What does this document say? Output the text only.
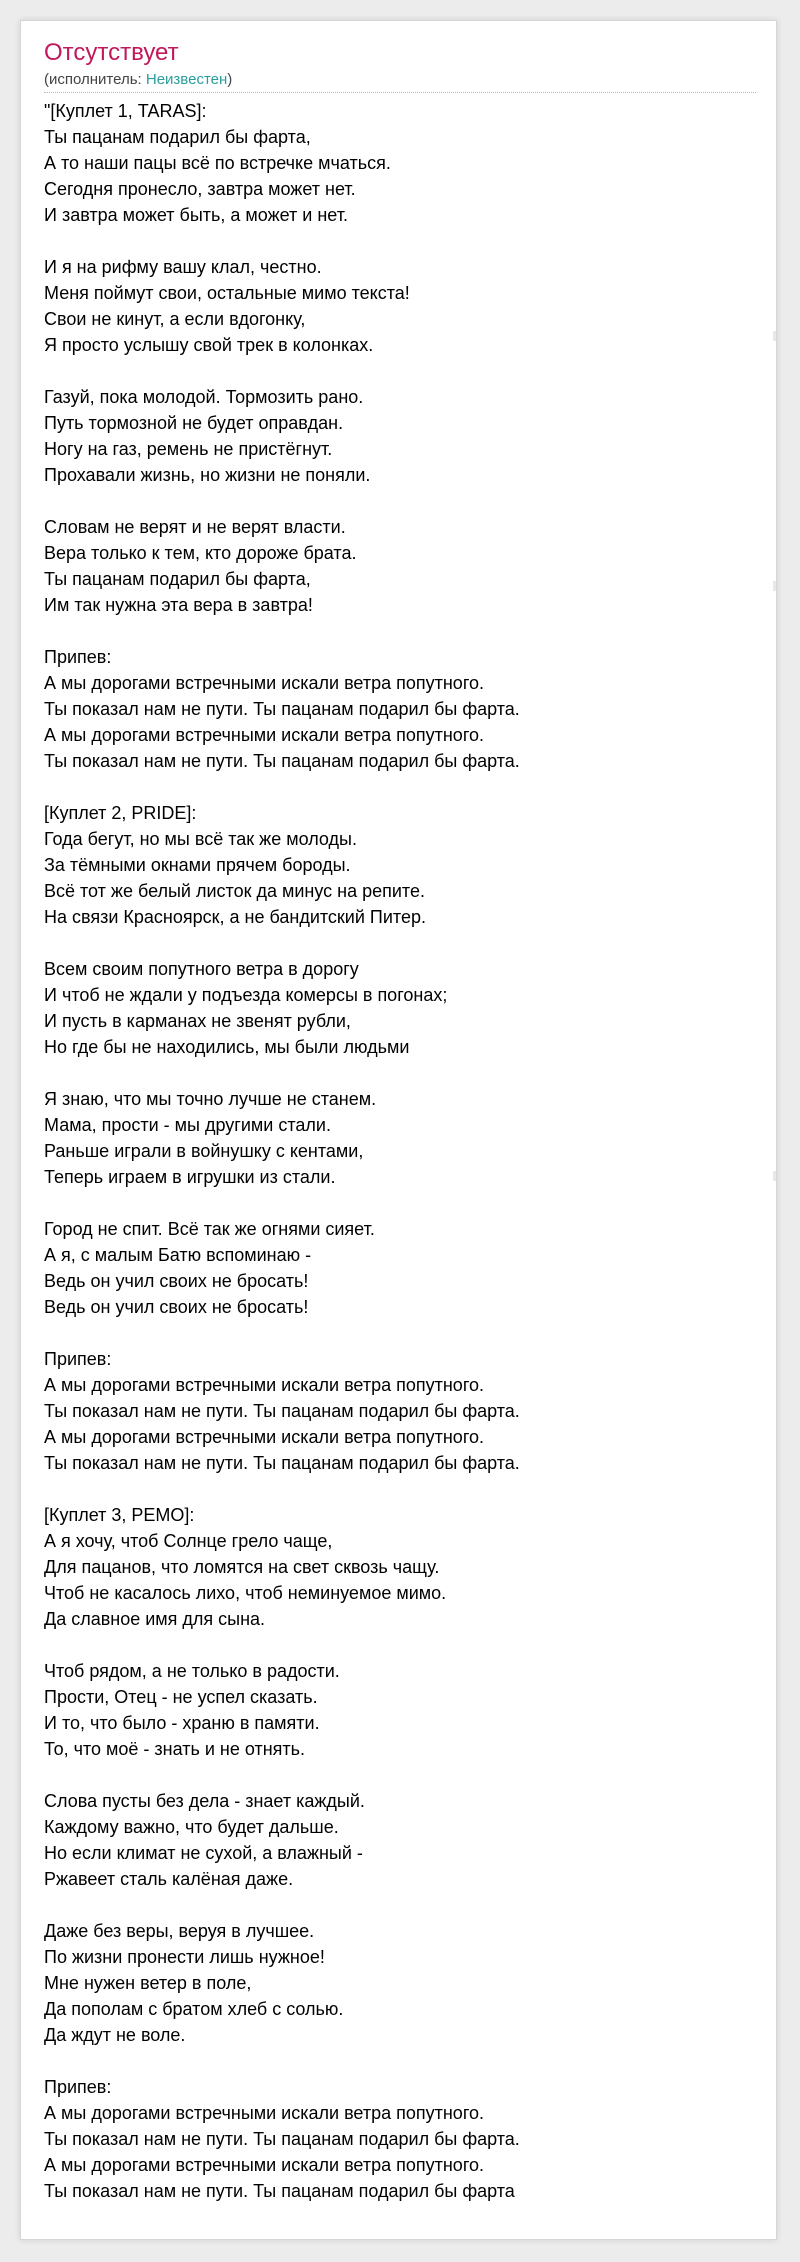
Отсутствует
(исполнитель: Неизвестен)
"[Куплет 1, TARAS]:
Ты пацанам подарил бы фарта,
А то наши пацы всё по встречке мчаться.
Сегодня пронесло, завтра может нет.
И завтра может быть, а может и нет.
И я на рифму вашу клал, честно.
Меня поймут свои, остальные мимо текста!
Свои не кинут, а если вдогонку,
Я просто услышу свой трек в колонках.
Газуй, пока молодой. Тормозить рано.
Путь тормозной не будет оправдан.
Ногу на газ, ремень не пристёгнут.
Прохавали жизнь, но жизни не поняли.
Словам не верят и не верят власти.
Вера только к тем, кто дороже брата.
Ты пацанам подарил бы фарта,
Им так нужна эта вера в завтра!
Припев:
А мы дорогами встречными искали ветра попутного.
Ты показал нам не пути. Ты пацанам подарил бы фарта.
А мы дорогами встречными искали ветра попутного.
Ты показал нам не пути. Ты пацанам подарил бы фарта.
[Куплет 2, PRIDE]:
Года бегут, но мы всё так же молоды.
За тёмными окнами прячем бороды.
Всё тот же белый листок да минус на репите.
На связи Красноярск, а не бандитский Питер.
Всем своим попутного ветра в дорогу
И чтоб не ждали у подъезда комерсы в погонах;
И пусть в карманах не звенят рубли,
Но где бы не находились, мы были людьми
Я знаю, что мы точно лучше не станем.
Мама, прости - мы другими стали.
Раньше играли в войнушку с кентами,
Теперь играем в игрушки из стали.
Город не спит. Всё так же огнями сияет.
А я, с малым Батю вспоминаю -
Ведь он учил своих не бросать!
Ведь он учил своих не бросать!
Припев:
А мы дорогами встречными искали ветра попутного.
Ты показал нам не пути. Ты пацанам подарил бы фарта.
А мы дорогами встречными искали ветра попутного.
Ты показал нам не пути. Ты пацанам подарил бы фарта.
[Куплет 3, PEMO]:
А я хочу, чтоб Солнце грело чаще,
Для пацанов, что ломятся на свет сквозь чащу.
Чтоб не касалось лихо, чтоб неминуемое мимо.
Да славное имя для сына.
Чтоб рядом, а не только в радости.
Прости, Отец - не успел сказать.
И то, что было - храню в памяти.
То, что моё - знать и не отнять.
Слова пусты без дела - знает каждый.
Каждому важно, что будет дальше.
Но если климат не сухой, а влажный -
Ржавеет сталь калёная даже.
Даже без веры, веруя в лучшее.
По жизни пронести лишь нужное!
Мне нужен ветер в поле,
Да пополам с братом хлеб с солью.
Да ждут не воле.
Припев:
А мы дорогами встречными искали ветра попутного.
Ты показал нам не пути. Ты пацанам подарил бы фарта.
А мы дорогами встречными искали ветра попутного.
Ты показал нам не пути. Ты пацанам подарил бы фарта
